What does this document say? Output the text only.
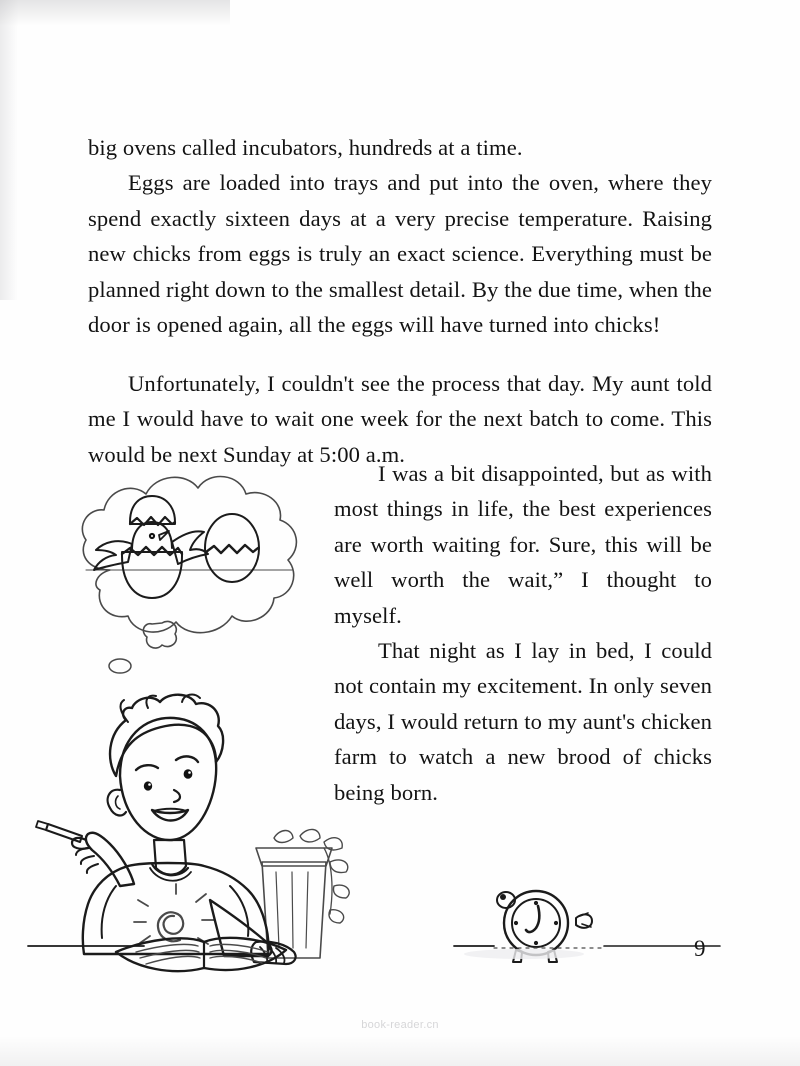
big ovens called incubators, hundreds at a time.

Eggs are loaded into trays and put into the oven, where they spend exactly sixteen days at a very precise temperature. Raising new chicks from eggs is truly an exact science. Everything must be planned right down to the smallest detail. By the due time, when the door is opened again, all the eggs will have turned into chicks!

Unfortunately, I couldn't see the process that day. My aunt told me I would have to wait one week for the next batch to come. This would be next Sunday at 5:00 a.m.

I was a bit disappointed, but as with most things in life, the best experiences are worth waiting for. Sure, this will be well worth the wait,” I thought to myself.

That night as I lay in bed, I could not contain my excitement. In only seven days, I would return to my aunt's chicken farm to watch a new brood of chicks being born.

9
book-reader.cn
